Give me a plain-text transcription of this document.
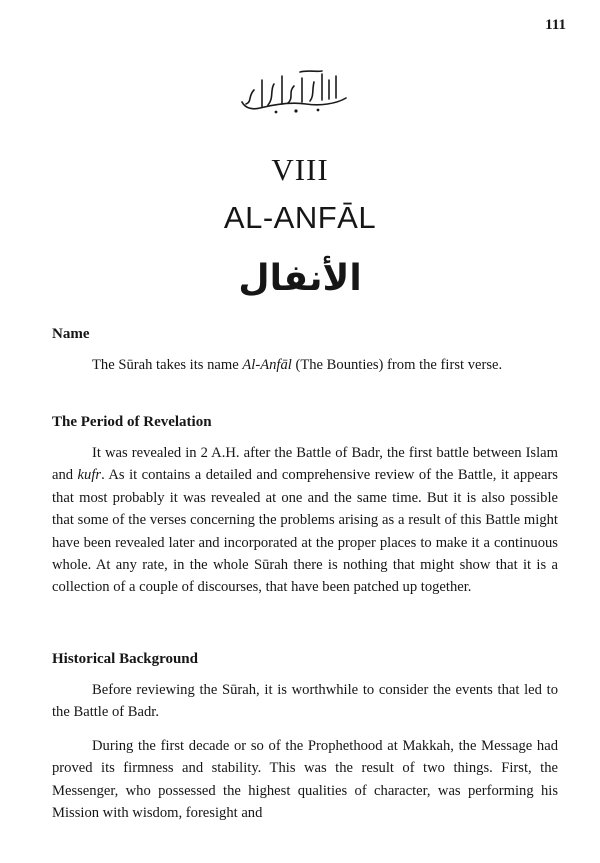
111
VIII
AL-ANFĀL
الأنفال
Name

The Sūrah takes its name Al-Anfāl (The Bounties) from the first verse.

The Period of Revelation

It was revealed in 2 A.H. after the Battle of Badr, the first battle between Islam and kufr. As it contains a detailed and comprehensive review of the Battle, it appears that most probably it was revealed at one and the same time. But it is also possible that some of the verses concerning the problems arising as a result of this Battle might have been revealed later and incorporated at the proper places to make it a continuous whole. At any rate, in the whole Sūrah there is nothing that might show that it is a collection of a couple of discourses, that have been patched up together.

Historical Background

Before reviewing the Sūrah, it is worthwhile to consider the events that led to the Battle of Badr.

During the first decade or so of the Prophethood at Makkah, the Message had proved its firmness and stability. This was the result of two things. First, the Messenger, who possessed the highest qualities of character, was performing his Mission with wisdom, foresight and
